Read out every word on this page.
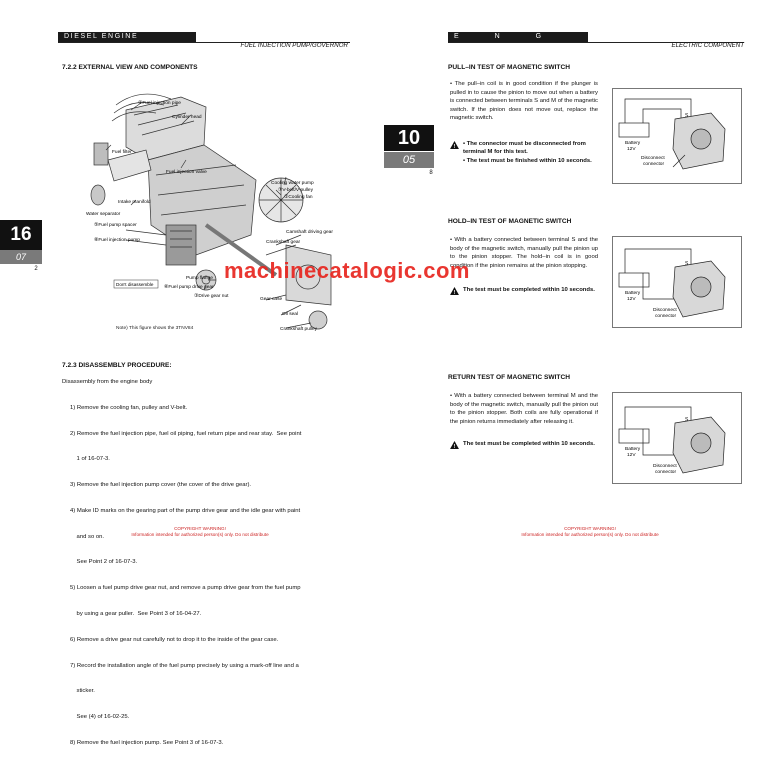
DIESEL ENGINE 4TNV88/94L	FUEL INJECTION PUMP/GOVERNOR
7.2.2 EXTERNAL VIEW AND COMPONENTS
①Fuel injection pipe
Cylinder head
Fuel filter
Fuel injection valve
Cooling water pump
⑦V-belt/V-pulley
①Cooling fan
Intake manifold
Water separator
⑤Fuel pump spacer
⑧Fuel injection pump
Camshaft driving gear
Crankshaft gear
Pump flange
Don't disassemble
⑥Fuel pump drive gear
③Drive gear nut
Gear case
Oil seal
Crankshaft pulley
Note) This figure shows the 3TNV84
7.2.3 DISASSEMBLY PROCEDURE:
Disassembly from the engine body

1) Remove the cooling fan, pulley and V-belt.

2) Remove the fuel injection pipe, fuel oil piping, fuel return pipe and rear stay.  See point

1 of 16-07-3.

3) Remove the fuel injection pump cover (the cover of the drive gear).

4) Make ID marks on the gearing part of the pump drive gear and the idle gear with paint

and so on.

See Point 2 of 16-07-3.

5) Loosen a fuel pump drive gear nut, and remove a pump drive gear from the fuel pump

by using a gear puller.  See Point 3 of 16-04-27.

6) Remove a drive gear nut carefully not to drop it to the inside of the gear case.

7) Record the installation angle of the fuel pump precisely by using a mark-off line and a

sticker.

See (4) of 16-02-25.

8) Remove the fuel injection pump. See Point 3 of 16-07-3.

COPYRIGHT WARNING!
Information intended for authorized person(s) only. Do not distribute
16
07
2
E N G I N E	ELECTRIC COMPONENT
10
05
8
PULL–IN TEST OF MAGNETIC SWITCH
• The pull–in coil is in good condition if the plunger is pulled in to cause the pinion to move out when a battery is connected between terminals S and M of the magnetic switch. If the pinion does not move out, replace the magnetic switch.
!
• The connector must be disconnected from terminal M for this test.
• The test must be finished within 10 seconds.
HOLD–IN TEST OF MAGNETIC SWITCH
• With a battery connected between terminal S and the body of the magnetic switch, manually pull the pinion up to the pinion stopper. The hold–in coil is in good condition if the pinion remains at the pinion stopping.
!
The test must be completed within 10 seconds.
RETURN TEST OF MAGNETIC SWITCH
• With a battery connected between terminal M and the body of the magnetic switch, manually pull the pinion out to the pinion stopper. Both coils are fully operational if the pinion returns immediately after releasing it.
!
The test must be completed within 10 seconds.
Battery
12V
S
Disconnect
connector
Battery
12V
S
Disconnect
connector
Battery
12V
S
Disconnect
connector
COPYRIGHT WARNING!
Information intended for authorized person(s) only. Do not distribute
machinecatalogic.com
